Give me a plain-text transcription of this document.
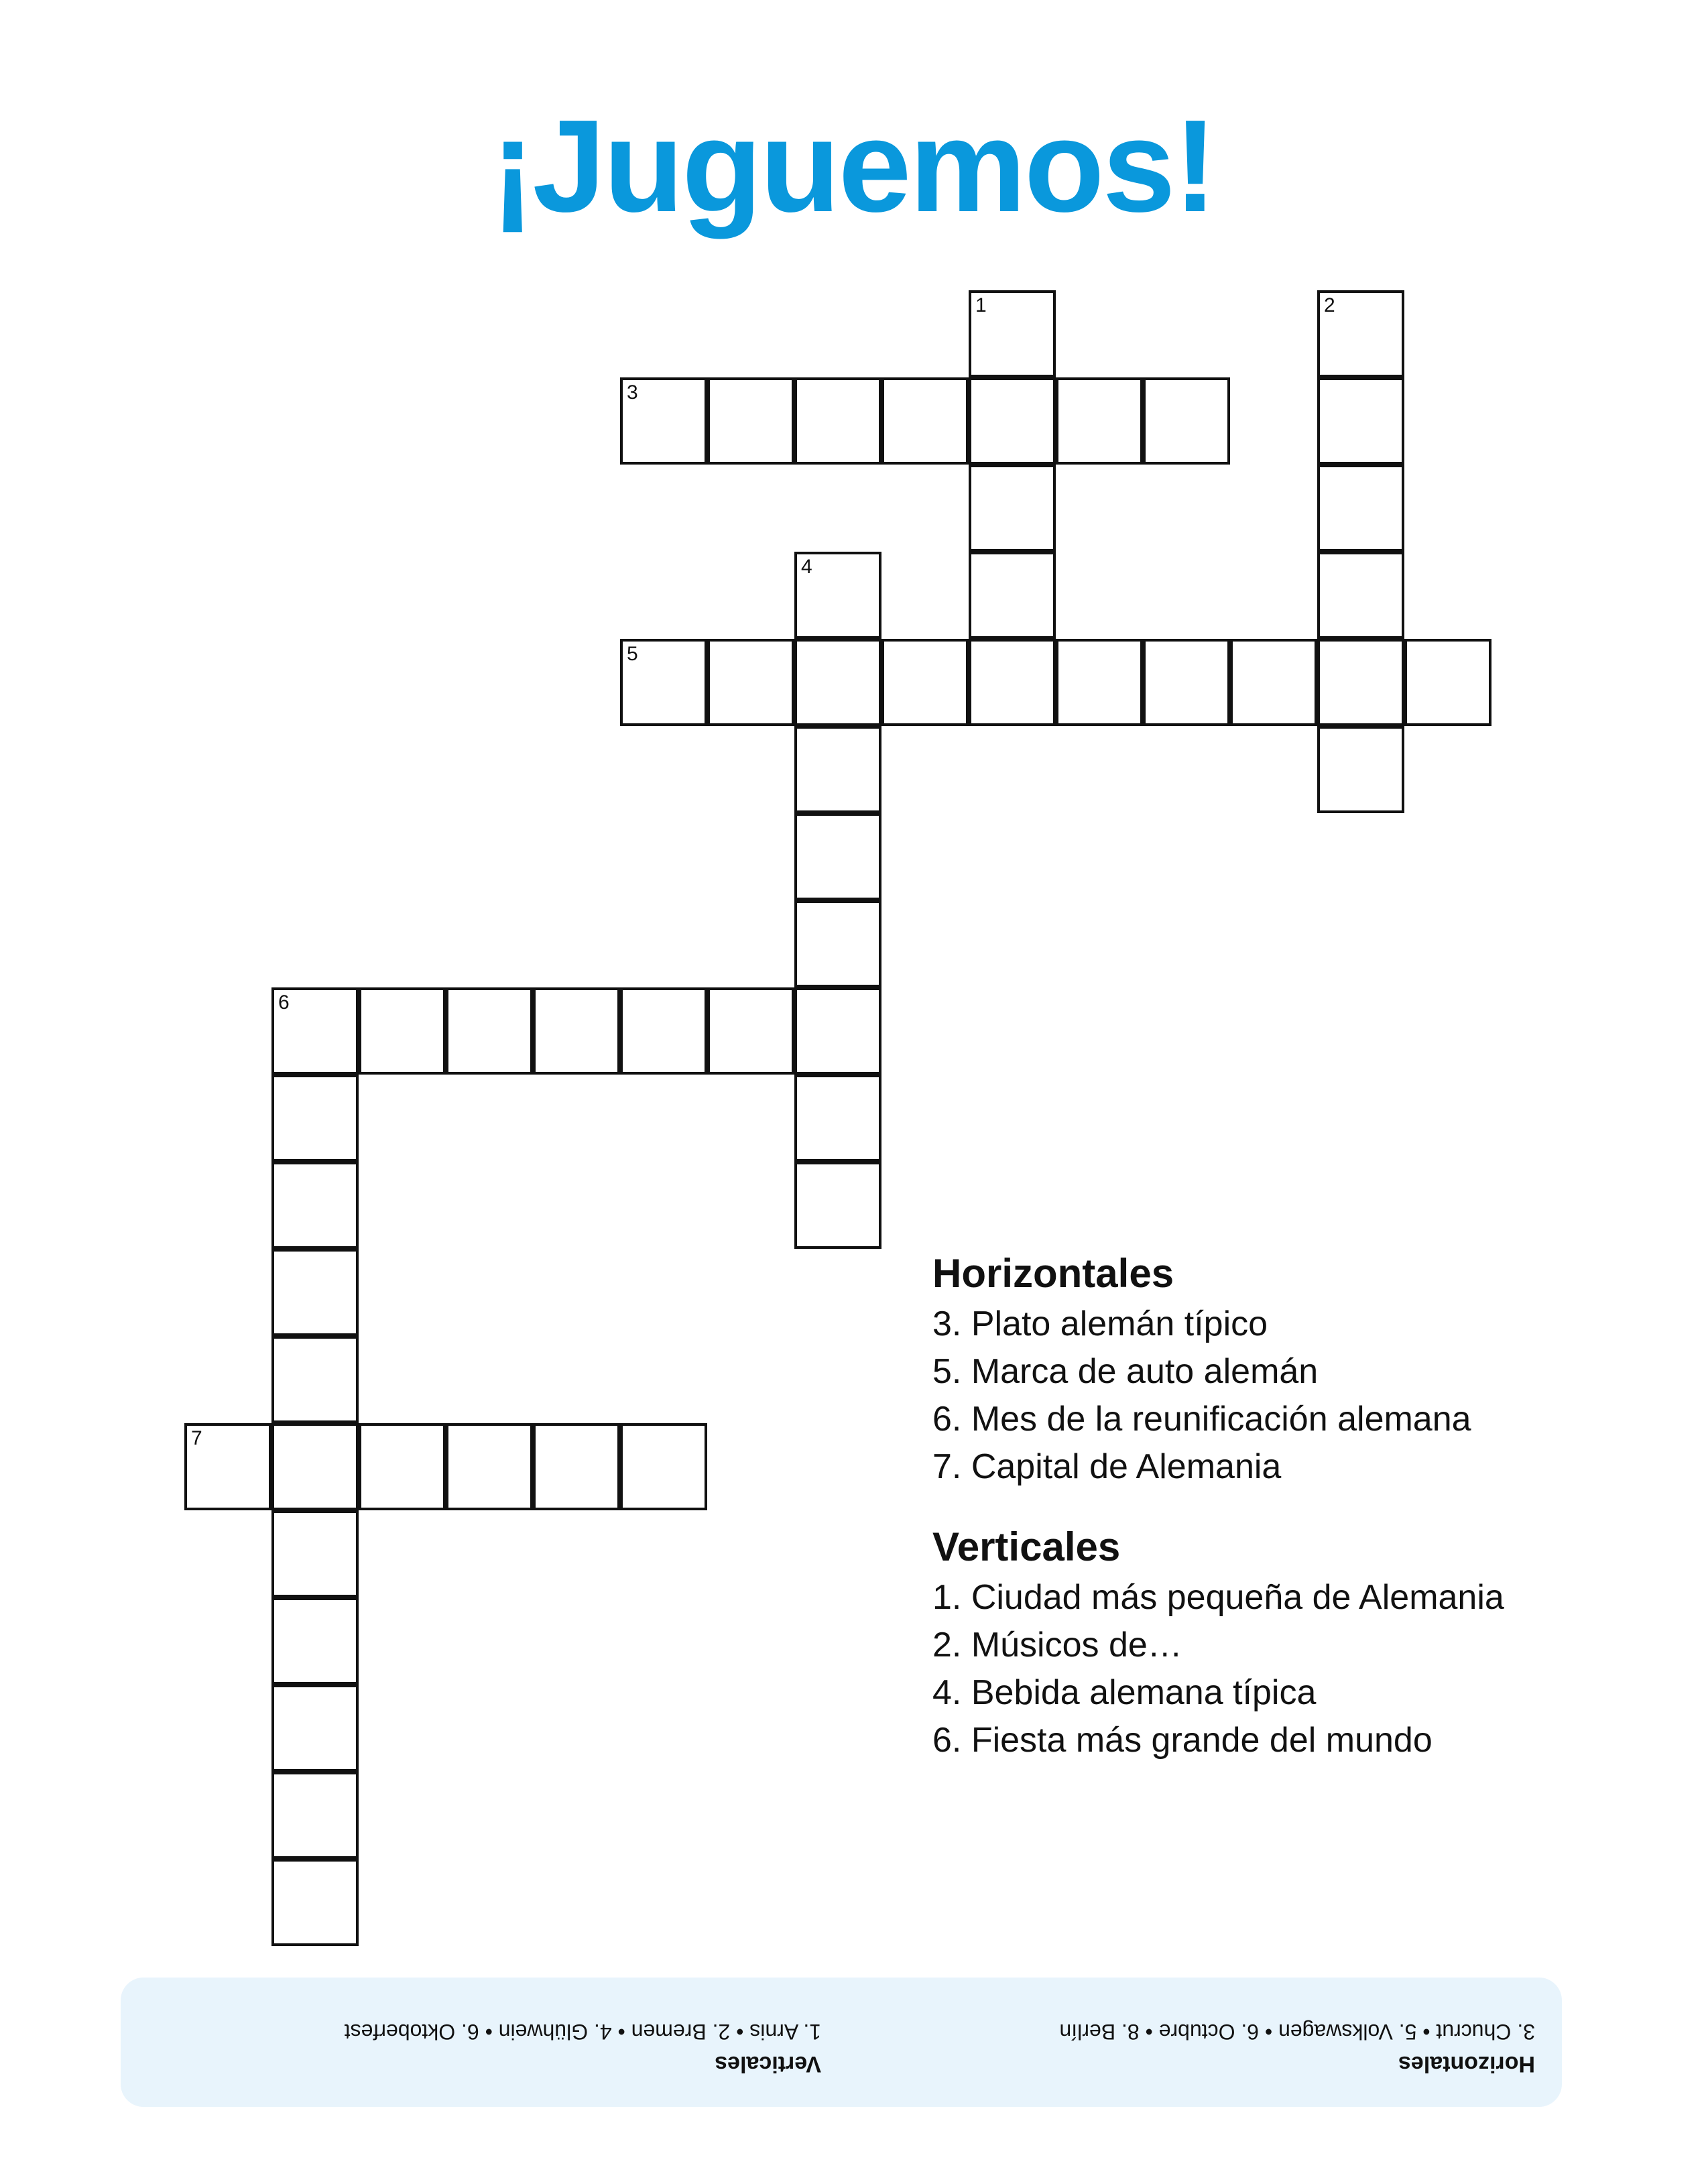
¡Juguemos!
1	2
3
4
5
6
7
Horizontales
3. Plato alemán típico
5. Marca de auto alemán
6. Mes de la reunificación alemana
7. Capital de Alemania
Verticales
1. Ciudad más pequeña de Alemania
2. Músicos de…
4. Bebida alemana típica
6. Fiesta más grande del mundo
Horizontales
3. Chucrut • 5. Volkswagen • 6. Octubre • 8. Berlín
Verticales
1. Arnis • 2. Bremen • 4. Glühwein • 6. Oktoberfest
